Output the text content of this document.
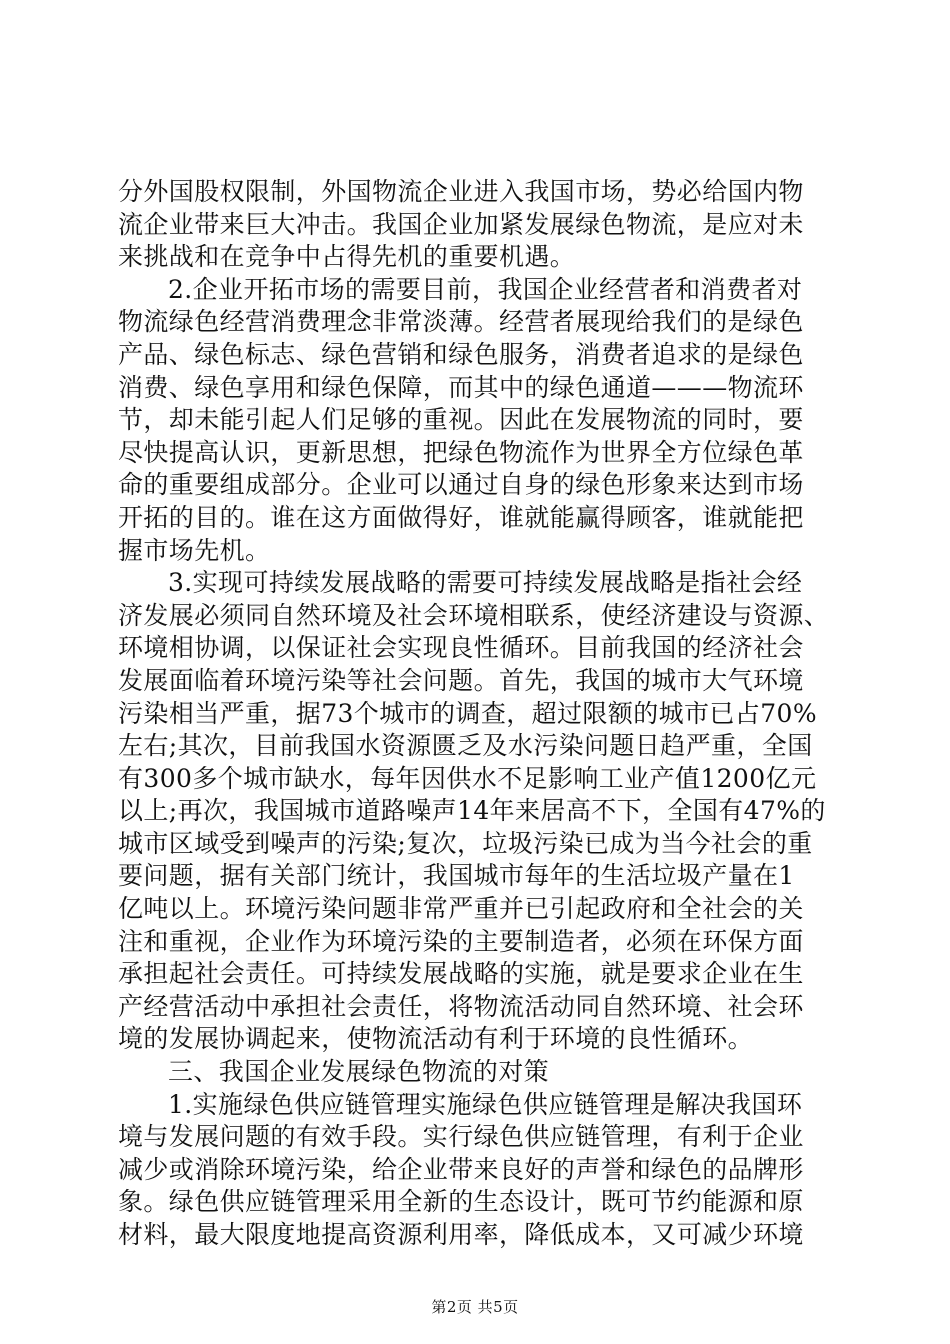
分外国股权限制，外国物流企业进入我国市场，势必给国内物
流企业带来巨大冲击。我国企业加紧发展绿色物流，是应对未
来挑战和在竞争中占得先机的重要机遇。
2.企业开拓市场的需要目前，我国企业经营者和消费者对
物流绿色经营消费理念非常淡薄。经营者展现给我们的是绿色
产品、绿色标志、绿色营销和绿色服务，消费者追求的是绿色
消费、绿色享用和绿色保障，而其中的绿色通道———物流环
节，却未能引起人们足够的重视。因此在发展物流的同时，要
尽快提高认识，更新思想，把绿色物流作为世界全方位绿色革
命的重要组成部分。企业可以通过自身的绿色形象来达到市场
开拓的目的。谁在这方面做得好，谁就能赢得顾客，谁就能把
握市场先机。
3.实现可持续发展战略的需要可持续发展战略是指社会经
济发展必须同自然环境及社会环境相联系，使经济建设与资源、
环境相协调，以保证社会实现良性循环。目前我国的经济社会
发展面临着环境污染等社会问题。首先，我国的城市大气环境
污染相当严重，据73个城市的调查，超过限额的城市已占70%
左右;其次，目前我国水资源匮乏及水污染问题日趋严重，全国
有300多个城市缺水，每年因供水不足影响工业产值1200亿元
以上;再次，我国城市道路噪声14年来居高不下，全国有47%的
城市区域受到噪声的污染;复次，垃圾污染已成为当今社会的重
要问题，据有关部门统计，我国城市每年的生活垃圾产量在1
亿吨以上。环境污染问题非常严重并已引起政府和全社会的关
注和重视，企业作为环境污染的主要制造者，必须在环保方面
承担起社会责任。可持续发展战略的实施，就是要求企业在生
产经营活动中承担社会责任，将物流活动同自然环境、社会环
境的发展协调起来，使物流活动有利于环境的良性循环。
三、我国企业发展绿色物流的对策
1.实施绿色供应链管理实施绿色供应链管理是解决我国环
境与发展问题的有效手段。实行绿色供应链管理，有利于企业
减少或消除环境污染，给企业带来良好的声誉和绿色的品牌形
象。绿色供应链管理采用全新的生态设计，既可节约能源和原
材料，最大限度地提高资源利用率，降低成本，又可减少环境
第2页 共5页
